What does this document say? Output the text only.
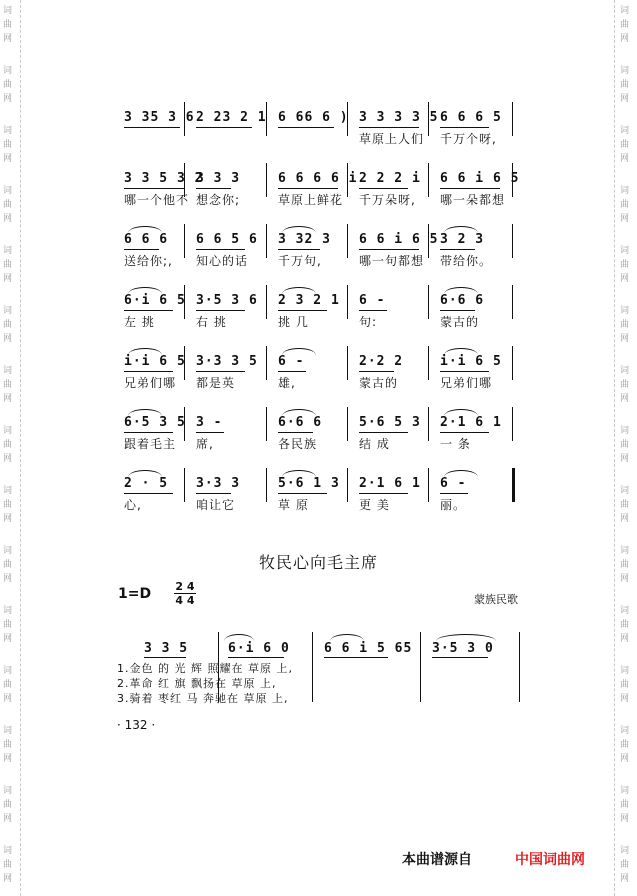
词
曲
网
词
曲
网
词
曲
网
词
曲
网
词
曲
网
词
曲
网
词
曲
网
词
曲
网
词
曲
网
词
曲
网
词
曲
网
词
曲
网
词
曲
网
词
曲
网
词
曲
网
词
曲
网
词
曲
网
词
曲
网
词
曲
网
词
曲
网
词
曲
网
词
曲
网
词
曲
网
词
曲
网
词
曲
网
词
曲
网
词
曲
网
词
曲
网
词
曲
网
词
曲
网
3 35 3 6 2 23 2 1 6 66 6 ) 3 3 3 3 5
草原上人们
6 6 6 5
千万个呀,
3 3 5 3 2
哪一个他不
3 3 3
想念你;
6 6 6 6 i
草原上鲜花
2 2 2 i
千万朵呀,
6 6 i 6 5
哪一朵都想
6 6 6
送给你;,
6 6 5 6
知心的话
3 32 3
千万句,
6 6 i 6 5
哪一句都想
3 2 3
带给你。
6·i 6 5
左 挑
3·5 3 6
右 挑
2 3 2 1
挑 几
6 -
句:
6·6 6
蒙古的
i·i 6 5
兄弟们哪
3·3 3 5
都是英
6 -
雄,
2·2 2
蒙古的
i·i 6 5
兄弟们哪
6·5 3 5
跟着毛主
3 -
席,
6·6 6
各民族
5·6 5 3
结 成
2·1 6 1
一 条
2 · 5
心,
3·3 3
咱让它
5·6 1 3
草 原
2·1 6 1
更 美
6 -
丽。
牧民心向毛主席
1=D 2 4
4 4	蒙族民歌
3 3 5	6·i 6 0	6 6 i 5 65 3·5 3 0
1.金色 的 光 辉 照耀在 草原 上,
2.革命 红 旗 飘扬在 草原 上,
3.骑着 枣红 马 奔驰在 草原 上,
· 132 ·
本曲谱源自	中国词曲网
